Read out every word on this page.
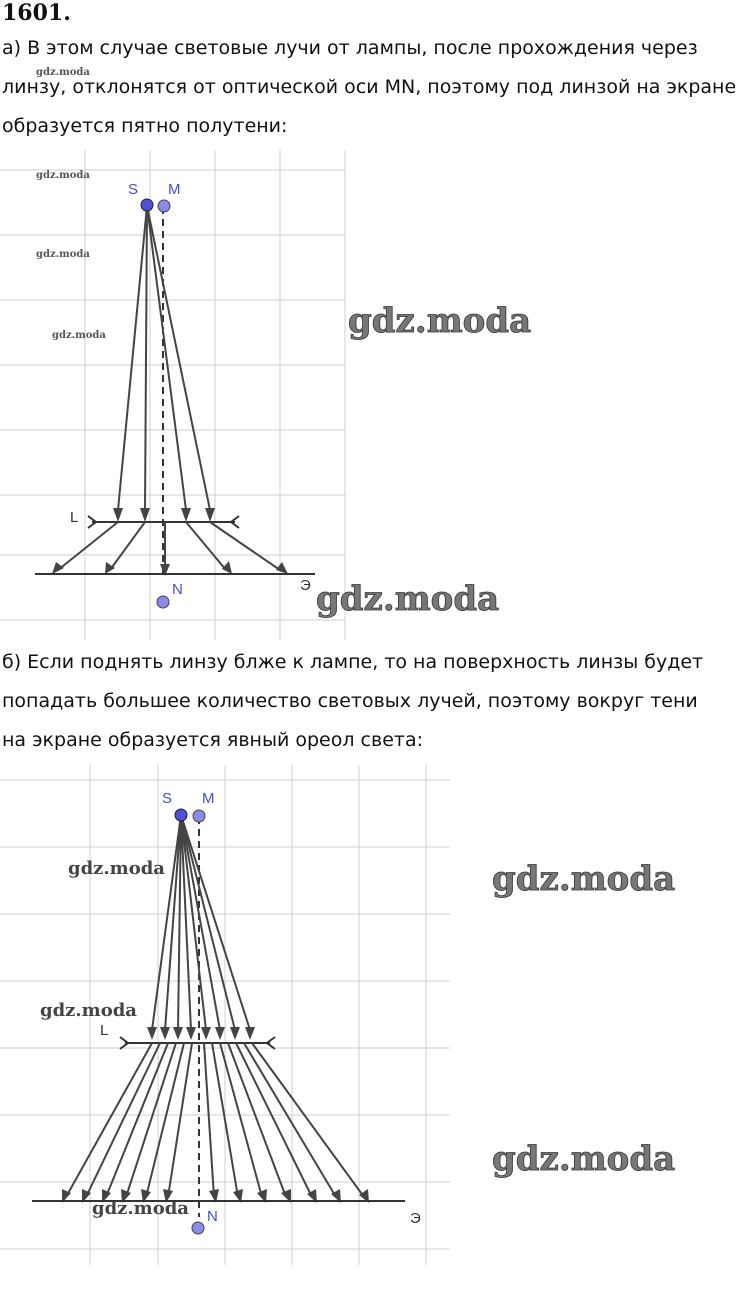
1601.

а) В этом случае световые лучи от лампы, после прохождения через

линзу, отклонятся от оптической оси MN, поэтому под линзой на экране

образуется пятно полутени:

gdz.moda
gdz.moda
gdz.moda
gdz.moda
gdz.moda
gdz.moda
L
Э
S M
N

б) Если поднять линзу блже к лампе, то на поверхность линзы будет

попадать большее количество световых лучей, поэтому вокруг тени

на экране образуется явный ореол света:

gdz.moda
gdz.moda
gdz.moda
gdz.moda
gdz.moda
L
Э
S M
N
